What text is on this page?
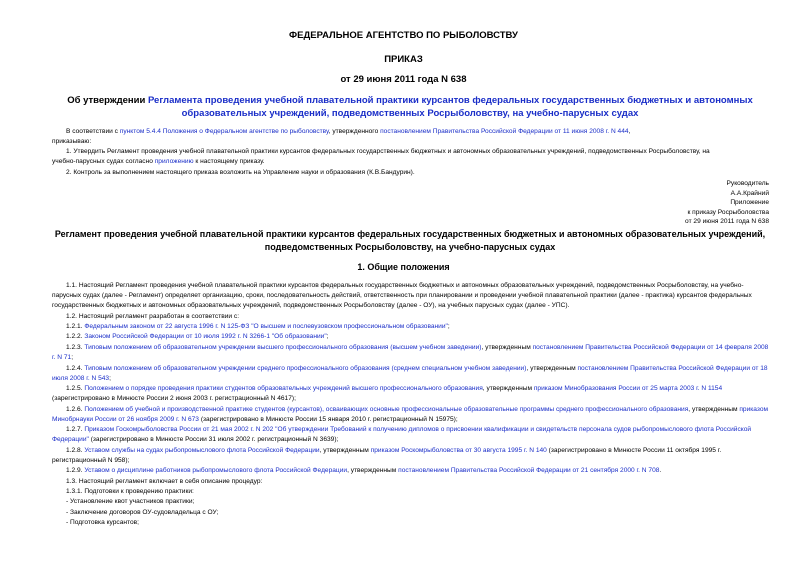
ФЕДЕРАЛЬНОЕ АГЕНТСТВО ПО РЫБОЛОВСТВУ
ПРИКАЗ
от 29 июня 2011 года N 638
Об утверждении Регламента проведения учебной плавательной практики курсантов федеральных государственных бюджетных и автономных образовательных учреждений, подведомственных Росрыболовству, на учебно-парусных судах
В соответствии с пунктом 5.4.4 Положения о Федеральном агентстве по рыболовству, утвержденного постановлением Правительства Российской Федерации от 11 июня 2008 г. N 444,
приказываю:
1. Утвердить Регламент проведения учебной плавательной практики курсантов федеральных государственных бюджетных и автономных образовательных учреждений, подведомственных Росрыболовству, на
учебно-парусных судах согласно приложению к настоящему приказу.
2. Контроль за выполнением настоящего приказа возложить на Управление науки и образования (К.В.Бандурин).
Руководитель
А.А.Крайний
Приложение
к приказу Росрыболовства
от 29 июня 2011 года N 638
Регламент проведения учебной плавательной практики курсантов федеральных государственных бюджетных и автономных образовательных учреждений, подведомственных Росрыболовству, на учебно-парусных судах
1. Общие положения
1.1. Настоящий Регламент проведения учебной плавательной практики курсантов федеральных государственных бюджетных и автономных образовательных учреждений, подведомственных Росрыболовству, на учебно-парусных судах (далее - Регламент) определяет организацию, сроки, последовательность действий, ответственность при планировании и проведении учебной плавательной практики (далее - практика) курсантов федеральных государственных бюджетных и автономных образовательных учреждений, подведомственных Росрыболовству (далее - ОУ), на учебных парусных судах (далее - УПС).
1.2. Настоящий регламент разработан в соответствии с:
1.2.1. Федеральным законом от 22 августа 1996 г. N 125-ФЗ "О высшем и послевузовском профессиональном образовании";
1.2.2. Законом Российской Федерации от 10 июля 1992 г. N 3266-1 "Об образовании";
1.2.3. Типовым положением об образовательном учреждении высшего профессионального образования (высшем учебном заведении), утвержденным постановлением Правительства Российской Федерации от 14 февраля 2008 г. N 71;
1.2.4. Типовым положением об образовательном учреждении среднего профессионального образования (среднем специальном учебном заведении), утвержденным постановлением Правительства Российской Федерации от 18 июля 2008 г. N 543;
1.2.5. Положением о порядке проведения практики студентов образовательных учреждений высшего профессионального образования, утвержденным приказом Минобразования России от 25 марта 2003 г. N 1154 (зарегистрировано в Минюсте России 2 июня 2003 г. регистрационный N 4617);
1.2.6. Положением об учебной и производственной практике студентов (курсантов), осваивающих основные профессиональные образовательные программы среднего профессионального образования, утвержденным приказом Минобрнауки России от 26 ноября 2009 г. N 673 (зарегистрировано в Минюсте России 15 января 2010 г. регистрационный N 15975);
1.2.7. Приказом Госкомрыболовства России от 21 мая 2002 г. N 202 "Об утверждении Требований к получению дипломов о присвоении квалификации и свидетельств персонала судов рыбопромыслового флота Российской Федерации" (зарегистрировано в Минюсте России 31 июля 2002 г. регистрационный N 3639);
1.2.8. Уставом службы на судах рыбопромыслового флота Российской Федерации, утвержденным приказом Роскомрыболовства от 30 августа 1995 г. N 140 (зарегистрировано в Минюсте России 11 октября 1995 г. регистрационный N 958);
1.2.9. Уставом о дисциплине работников рыбопромыслового флота Российской Федерации, утвержденным постановлением Правительства Российской Федерации от 21 сентября 2000 г. N 708.
1.3. Настоящий регламент включает в себя описание процедур:
1.3.1. Подготовки к проведению практики:
- Установление квот участников практики;
- Заключение договоров ОУ-судовладельца с ОУ;
- Подготовка курсантов;
